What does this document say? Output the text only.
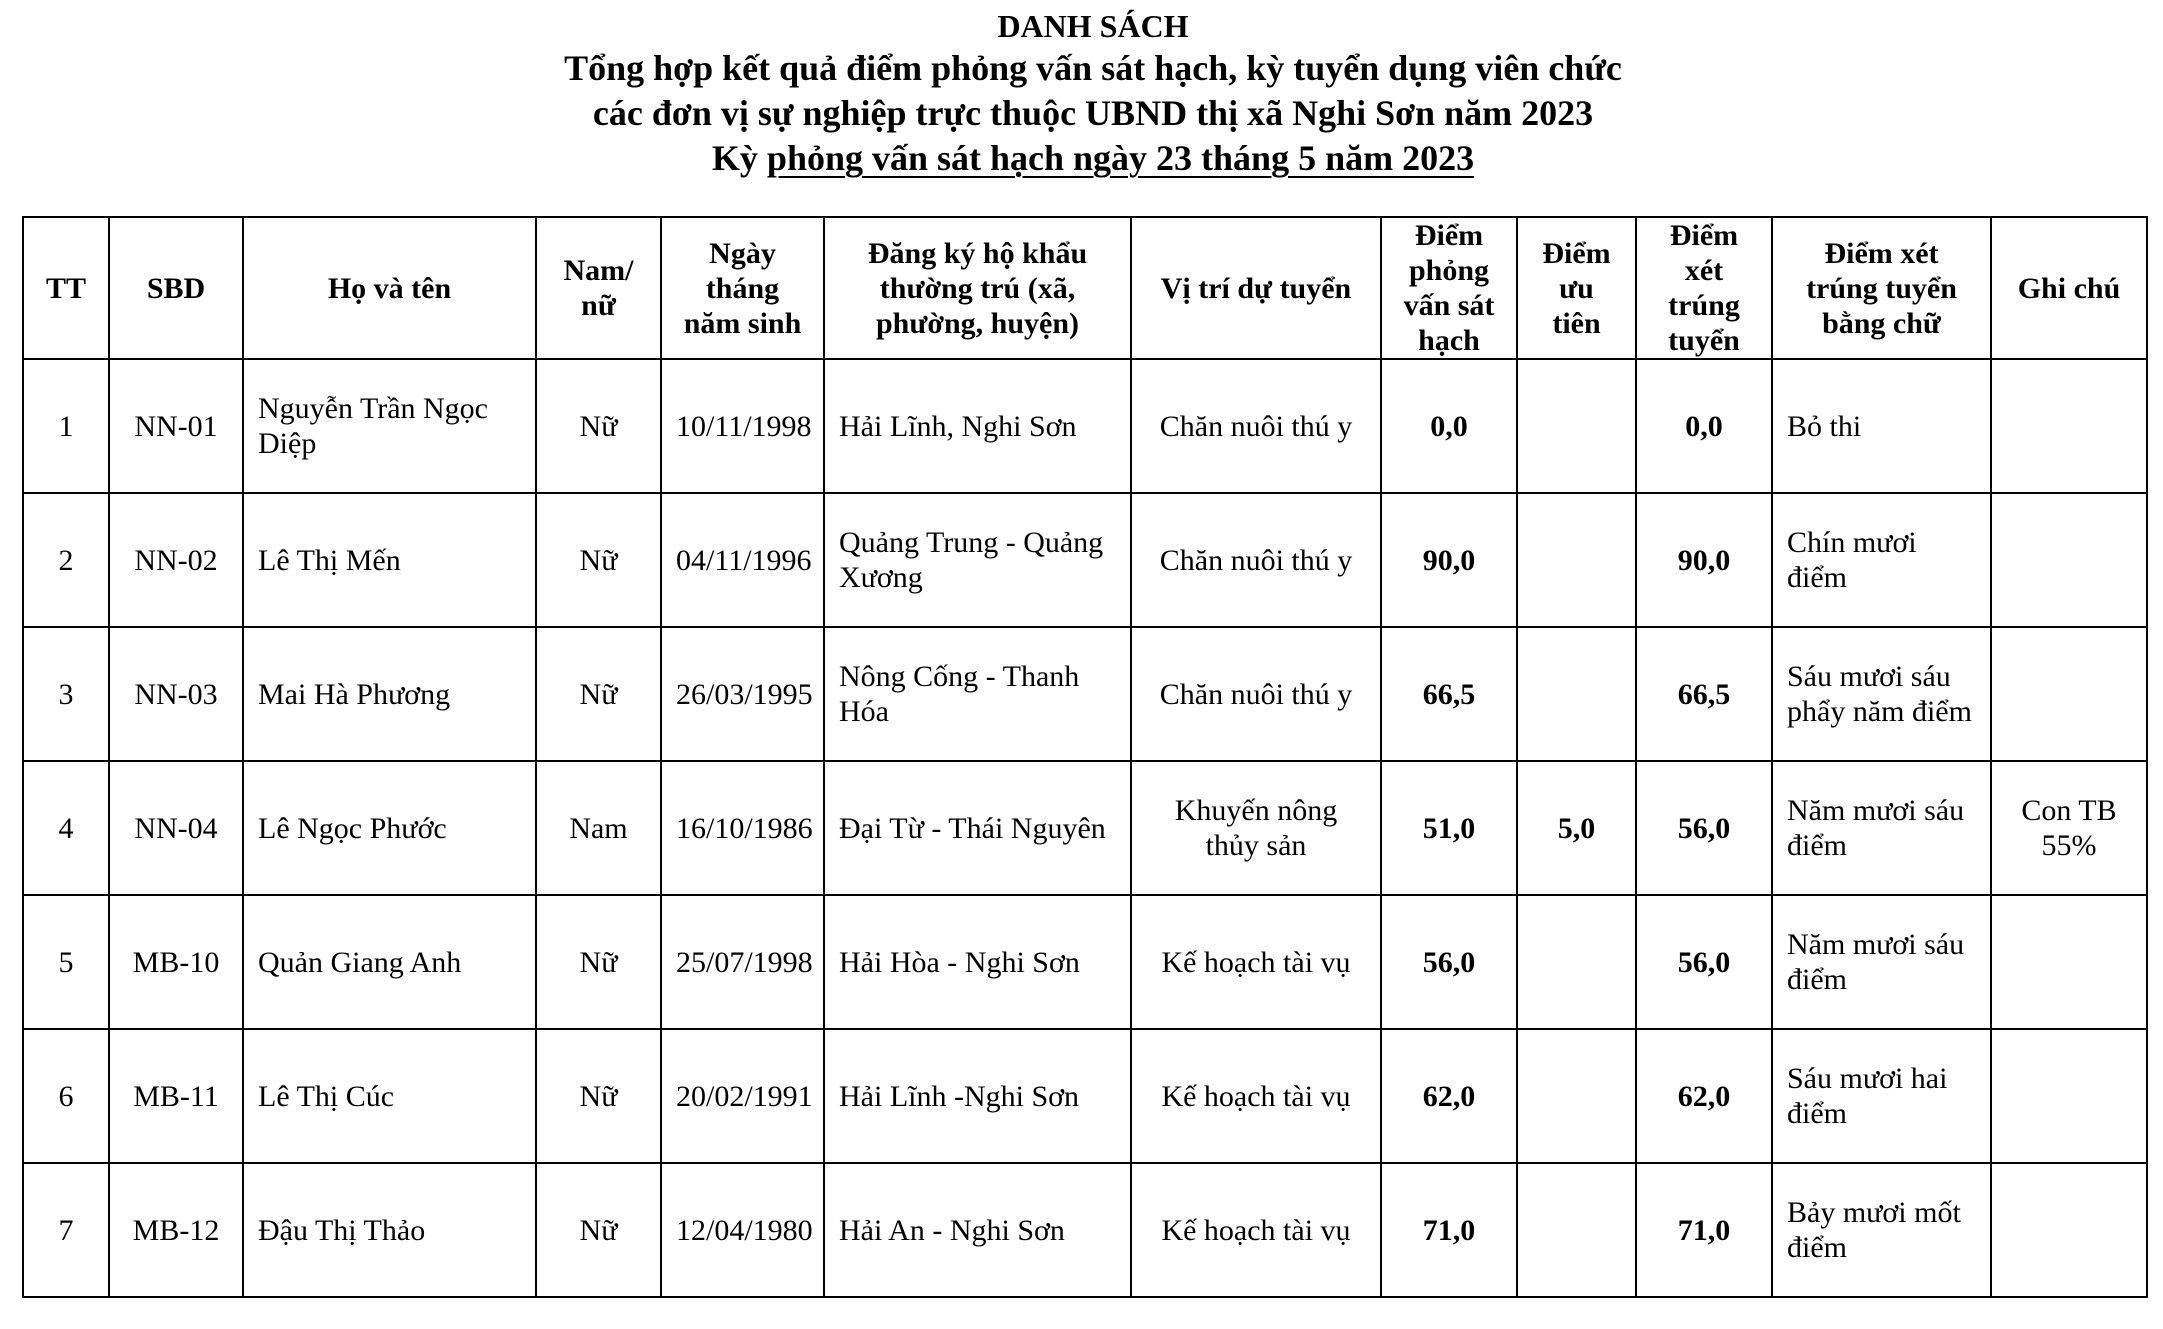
DANH SÁCH
Tổng hợp kết quả điểm phỏng vấn sát hạch, kỳ tuyển dụng viên chức
các đơn vị sự nghiệp trực thuộc UBND thị xã Nghi Sơn năm 2023
Kỳ phỏng vấn sát hạch ngày 23 tháng 5 năm 2023
TT	SBD	Họ và tên	Nam/ nữ	Ngày tháng năm sinh	Đăng ký hộ khẩu thường trú (xã, phường, huyện)	Vị trí dự tuyển	Điểm phỏng vấn sát hạch	Điểm ưu tiên	Điểm xét trúng tuyển	Điểm xét trúng tuyển bằng chữ	Ghi chú
1	NN-01	Nguyễn Trần Ngọc Diệp	Nữ	10/11/1998	Hải Lĩnh, Nghi Sơn	Chăn nuôi thú y	0,0		0,0	Bỏ thi	
2	NN-02	Lê Thị Mến	Nữ	04/11/1996	Quảng Trung - Quảng Xương	Chăn nuôi thú y	90,0		90,0	Chín mươi điểm	
3	NN-03	Mai Hà Phương	Nữ	26/03/1995	Nông Cống - Thanh Hóa	Chăn nuôi thú y	66,5		66,5	Sáu mươi sáu phẩy năm điểm	
4	NN-04	Lê Ngọc Phước	Nam	16/10/1986	Đại Từ - Thái Nguyên	Khuyến nông thủy sản	51,0	5,0	56,0	Năm mươi sáu điểm	Con TB 55%
5	MB-10	Quản Giang Anh	Nữ	25/07/1998	Hải Hòa - Nghi Sơn	Kế hoạch tài vụ	56,0		56,0	Năm mươi sáu điểm	
6	MB-11	Lê Thị Cúc	Nữ	20/02/1991	Hải Lĩnh -Nghi Sơn	Kế hoạch tài vụ	62,0		62,0	Sáu mươi hai điểm	
7	MB-12	Đậu Thị Thảo	Nữ	12/04/1980	Hải An - Nghi Sơn	Kế hoạch tài vụ	71,0		71,0	Bảy mươi mốt điểm	
